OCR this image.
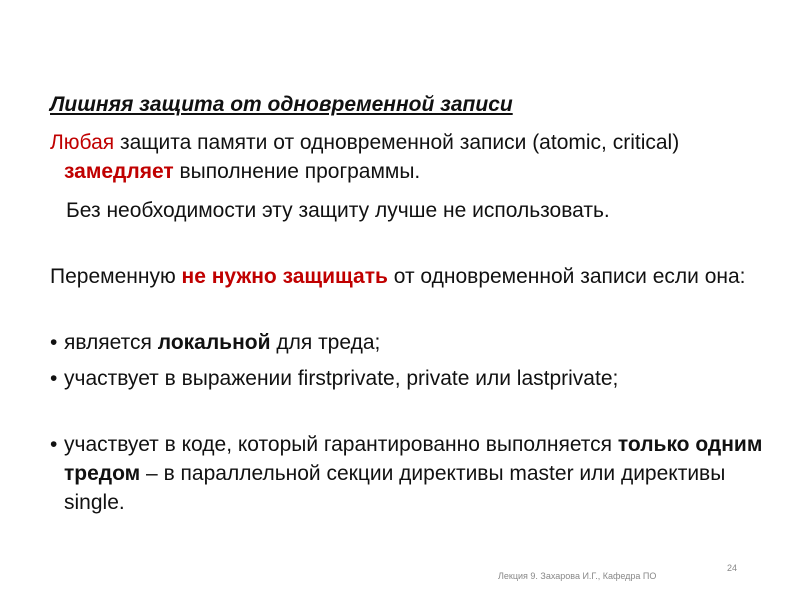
Лишняя защита от одновременной записи
Любая защита памяти от одновременной записи (atomic, critical) замедляет выполнение программы.
Без необходимости эту защиту лучше не использовать.
Переменную не нужно защищать от одновременной записи если она:
• является локальной для треда;
• участвует в выражении firstprivate, private или lastprivate;
• участвует в коде, который гарантированно выполняется только одним тредом – в параллельной секции директивы master или директивы single.
Лекция 9. Захарова И.Г., Кафедра ПО
24
